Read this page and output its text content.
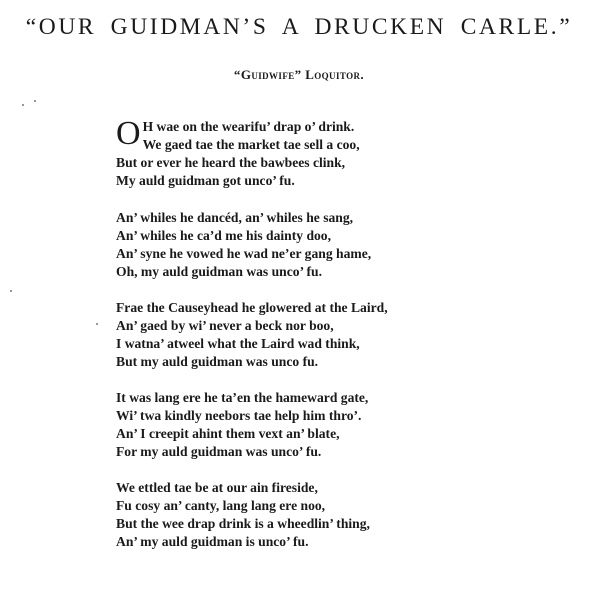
“OUR GUIDMAN’S A DRUCKEN CARLE.”
“Guidwife” Loquitor.
O H wae on the wearifu’ drap o’ drink.
We gaed tae the market tae sell a coo,
But or ever he heard the bawbees clink,
My auld guidman got unco’ fu.
An’ whiles he dancéd, an’ whiles he sang,
An’ whiles he ca’d me his dainty doo,
An’ syne he vowed he wad ne’er gang hame,
Oh, my auld guidman was unco’ fu.
Frae the Causeyhead he glowered at the Laird,
An’ gaed by wi’ never a beck nor boo,
I watna’ atweel what the Laird wad think,
But my auld guidman was unco fu.
It was lang ere he ta’en the hameward gate,
Wi’ twa kindly neebors tae help him thro’.
An’ I creepit ahint them vext an’ blate,
For my auld guidman was unco’ fu.
We ettled tae be at our ain fireside,
Fu cosy an’ canty, lang lang ere noo,
But the wee drap drink is a wheedlin’ thing,
An’ my auld guidman is unco’ fu.
